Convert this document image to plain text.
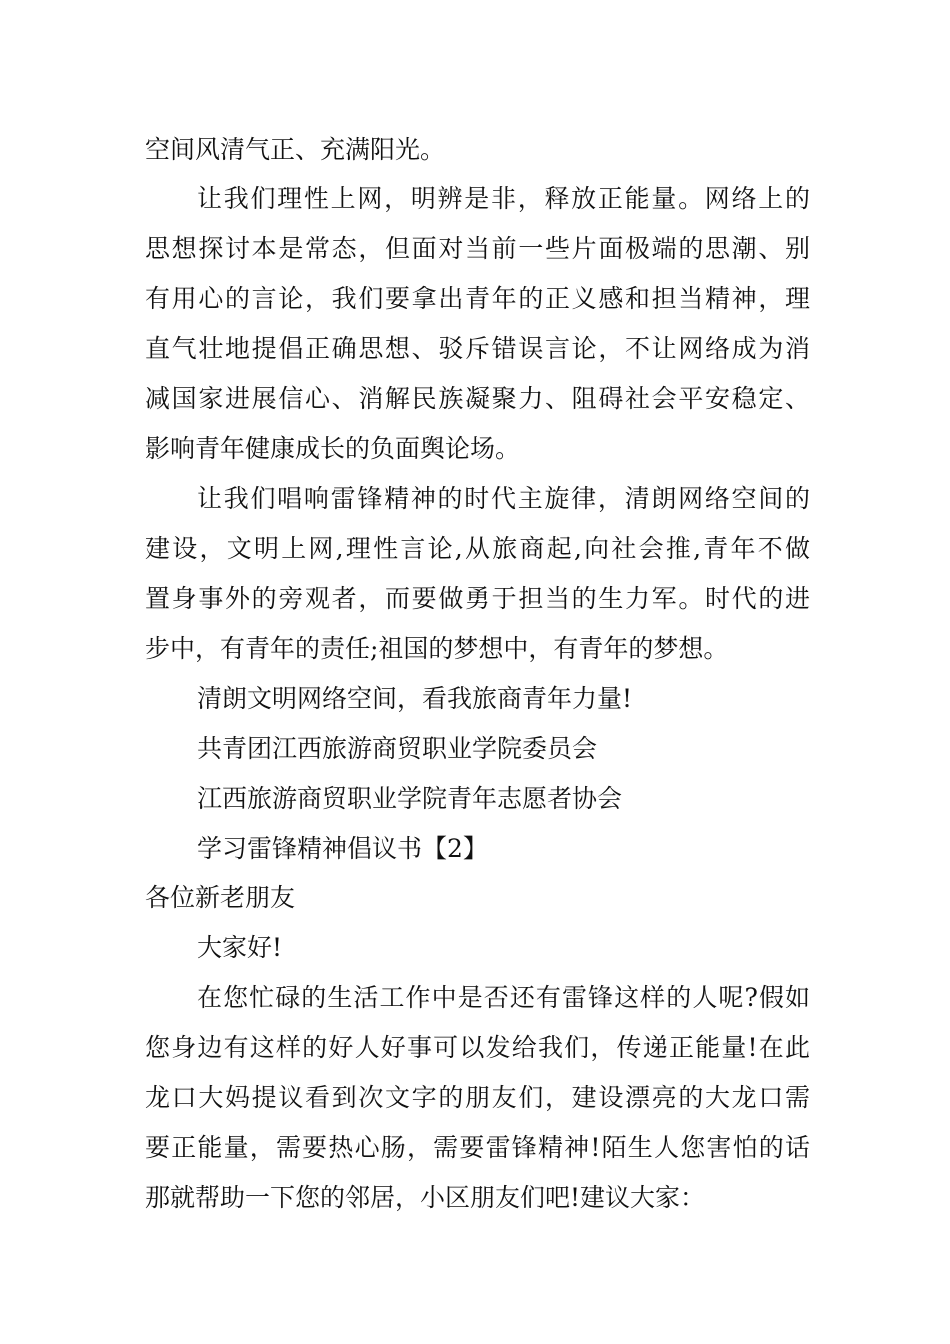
空间风清气正、充满阳光。
让我们理性上网，明辨是非，释放正能量。网络上的
思想探讨本是常态，但面对当前一些片面极端的思潮、别
有用心的言论，我们要拿出青年的正义感和担当精神，理
直气壮地提倡正确思想、驳斥错误言论，不让网络成为消
减国家进展信心、消解民族凝聚力、阻碍社会平安稳定、
影响青年健康成长的负面舆论场。
让我们唱响雷锋精神的时代主旋律，清朗网络空间的
建设，文明上网,理性言论,从旅商起,向社会推,青年不做
置身事外的旁观者，而要做勇于担当的生力军。时代的进
步中，有青年的责任;祖国的梦想中，有青年的梦想。
清朗文明网络空间，看我旅商青年力量!
共青团江西旅游商贸职业学院委员会
江西旅游商贸职业学院青年志愿者协会
学习雷锋精神倡议书【2】
各位新老朋友
大家好!
在您忙碌的生活工作中是否还有雷锋这样的人呢?假如
您身边有这样的好人好事可以发给我们，传递正能量!在此
龙口大妈提议看到次文字的朋友们，建设漂亮的大龙口需
要正能量，需要热心肠，需要雷锋精神!陌生人您害怕的话
那就帮助一下您的邻居，小区朋友们吧!建议大家：
